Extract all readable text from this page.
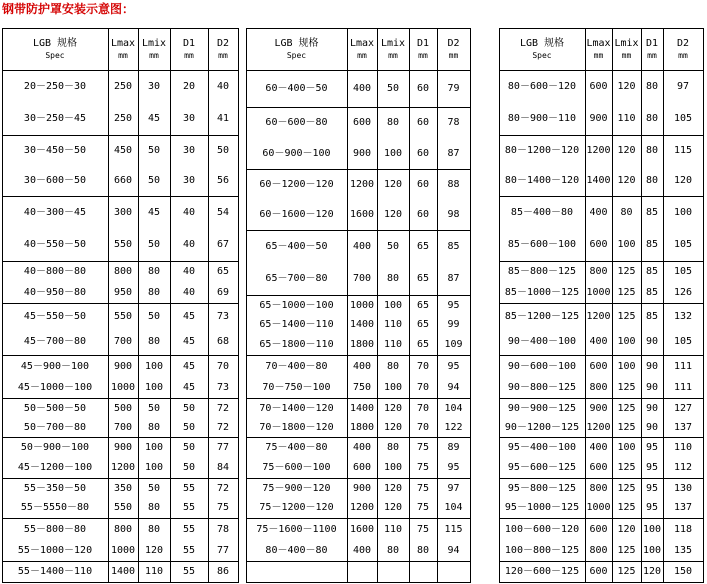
钢带防护罩安装示意图：
LGB 规格
Spec
Lmax
mm
Lmix
mm
D1
mm
D2
mm
20－250－30
30－250－45
250
250
30
45
20
30
40
41
30－450－50
30－600－50
450
660
50
50
30
30
50
56
40－300－45
40－550－50
300
550
45
50
40
40
54
67
40－800－80
40－950－80
800
950
80
80
40
40
65
69
45－550－50
45－700－80
550
700
50
80
45
45
73
68
45－900－100
45－1000－100
900
1000
100
100
45
45
70
73
50－500－50
50－700－80
500
700
50
80
50
50
72
72
50－900－100
45－1200－100
900
1200
100
100
50
50
77
84
55－350－50
55－5550－80
350
550
50
80
55
55
72
75
55－800－80
55－1000－120
800
1000
80
120
55
55
78
77
55－1400－110 1400 110 55 86
LGB 规格
Spec
Lmax
mm
Lmix
mm
D1
mm
D2
mm
60－400－50	400 50 60 79
60－600－80
60－900－100
600
900
80
100
60
60
78
87
60－1200－120
60－1600－120
1200
1600
120
120
60
60
88
98
65－400－50
65－700－80
400
700
50
80
65
65
85
87
65－1000－100
65－1400－110
65－1800－110
1000
1400
1800
100
110
110
65
65
65
95
99
109
70－400－80
70－750－100
400
750
80
100
70
70
95
94
70－1400－120
70－1800－120
1400
1800
120
120
70
70
104
122
75－400－80
75－600－100
400
600
80
100
75
75
89
95
75－900－120
75－1200－120
900
1200
120
120
75
75
97
104
75－1600－1100
80－400－80
1600
400
110
80
75
80
115
94
LGB 规格
Spec
Lmax
mm
Lmix
mm
D1
mm
D2
mm
80－600－120
80－900－110
600
900
120
110
80
80
97
105
80－1200－120
80－1400－120
1200
1400
120
120
80
80
115
120
85－400－80
85－600－100
400
600
80
100
85
85
100
105
85－800－125
85－1000－125
800
1000
125
125
85
85
105
126
85－1200－125
90－400－100
1200
400
125
100
85
90
132
105
90－600－100
90－800－125
600
800
100
125
90
90
111
111
90－900－125
90－1200－125
900
1200
125
125
90
90
127
137
95－400－100
95－600－125
400
600
100
125
95
95
110
112
95－800－125
95－1000－125
800
1000
125
125
95
95
130
137
100－600－120
100－800－125
600
800
120
125
100
100
118
135
120－600－125 600 125 120 150
